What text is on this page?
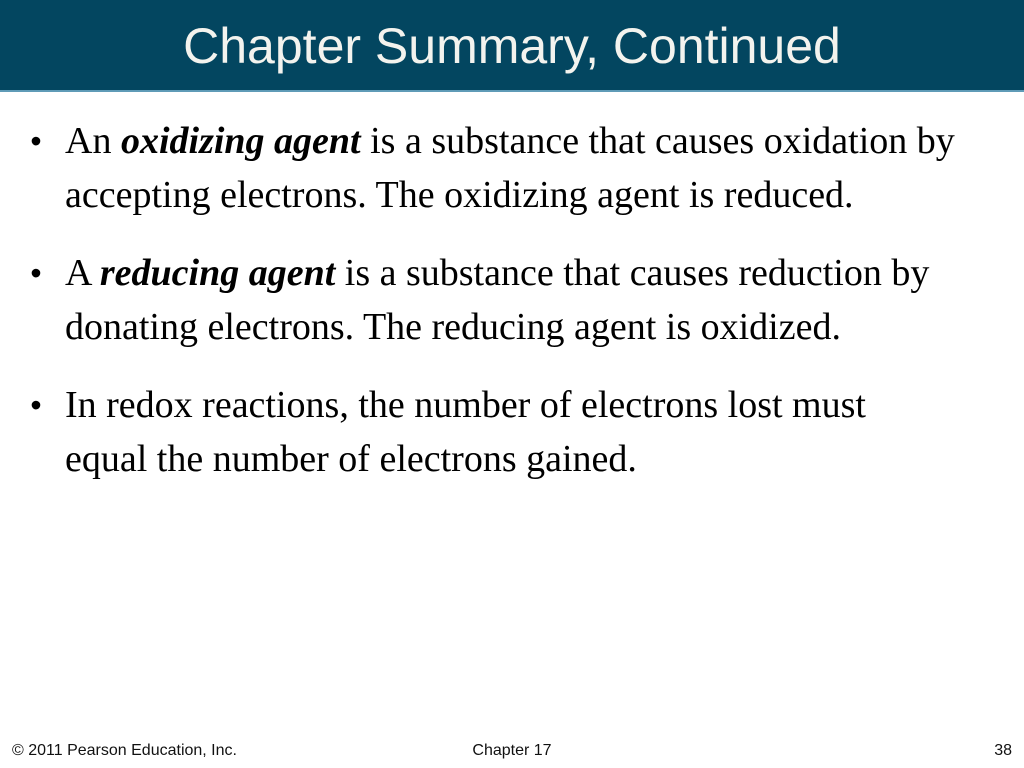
Chapter Summary, Continued
• An oxidizing agent is a substance that causes oxidation by accepting electrons. The oxidizing agent is reduced.
• A reducing agent is a substance that causes reduction by donating electrons. The reducing agent is oxidized.
• In redox reactions, the number of electrons lost must equal the number of electrons gained.
© 2011 Pearson Education, Inc.	Chapter 17	38
